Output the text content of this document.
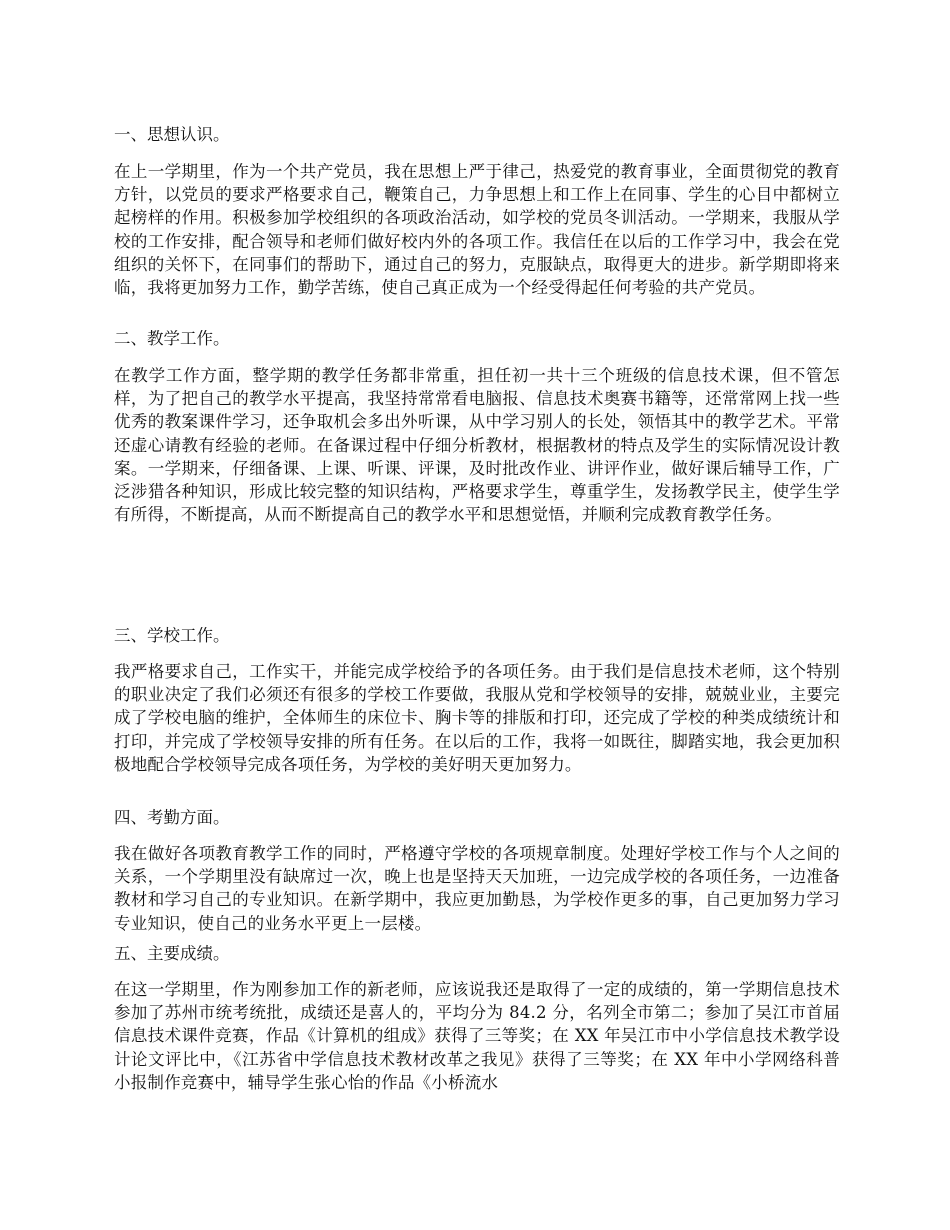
一、思想认识。

在上一学期里，作为一个共产党员，我在思想上严于律己，热爱党的教育事业，全面贯彻党的教育方针，以党员的要求严格要求自己，鞭策自己，力争思想上和工作上在同事、学生的心目中都树立起榜样的作用。积极参加学校组织的各项政治活动，如学校的党员冬训活动。一学期来，我服从学校的工作安排，配合领导和老师们做好校内外的各项工作。我信任在以后的工作学习中，我会在党组织的关怀下，在同事们的帮助下，通过自己的努力，克服缺点，取得更大的进步。新学期即将来临，我将更加努力工作，勤学苦练，使自己真正成为一个经受得起任何考验的共产党员。

二、教学工作。

在教学工作方面，整学期的教学任务都非常重，担任初一共十三个班级的信息技术课，但不管怎样，为了把自己的教学水平提高，我坚持常常看电脑报、信息技术奥赛书籍等，还常常网上找一些优秀的教案课件学习，还争取机会多出外听课，从中学习别人的长处，领悟其中的教学艺术。平常还虚心请教有经验的老师。在备课过程中仔细分析教材，根据教材的特点及学生的实际情况设计教案。一学期来，仔细备课、上课、听课、评课，及时批改作业、讲评作业，做好课后辅导工作，广泛涉猎各种知识，形成比较完整的知识结构，严格要求学生，尊重学生，发扬教学民主，使学生学有所得，不断提高，从而不断提高自己的教学水平和思想觉悟，并顺利完成教育教学任务。

三、学校工作。

我严格要求自己，工作实干，并能完成学校给予的各项任务。由于我们是信息技术老师，这个特别的职业决定了我们必须还有很多的学校工作要做，我服从党和学校领导的安排，兢兢业业，主要完成了学校电脑的维护，全体师生的床位卡、胸卡等的排版和打印，还完成了学校的种类成绩统计和打印，并完成了学校领导安排的所有任务。在以后的工作，我将一如既往，脚踏实地，我会更加积极地配合学校领导完成各项任务，为学校的美好明天更加努力。

四、考勤方面。

我在做好各项教育教学工作的同时，严格遵守学校的各项规章制度。处理好学校工作与个人之间的关系，一个学期里没有缺席过一次，晚上也是坚持天天加班，一边完成学校的各项任务，一边准备教材和学习自己的专业知识。在新学期中，我应更加勤恳，为学校作更多的事，自己更加努力学习专业知识，使自己的业务水平更上一层楼。

五、主要成绩。

在这一学期里，作为刚参加工作的新老师，应该说我还是取得了一定的成绩的，第一学期信息技术参加了苏州市统考统批，成绩还是喜人的，平均分为 84.2 分，名列全市第二；参加了吴江市首届信息技术课件竞赛，作品《计算机的组成》获得了三等奖；在 XX 年吴江市中小学信息技术教学设计论文评比中，《江苏省中学信息技术教材改革之我见》获得了三等奖；在 XX 年中小学网络科普小报制作竞赛中，辅导学生张心怡的作品《小桥流水
